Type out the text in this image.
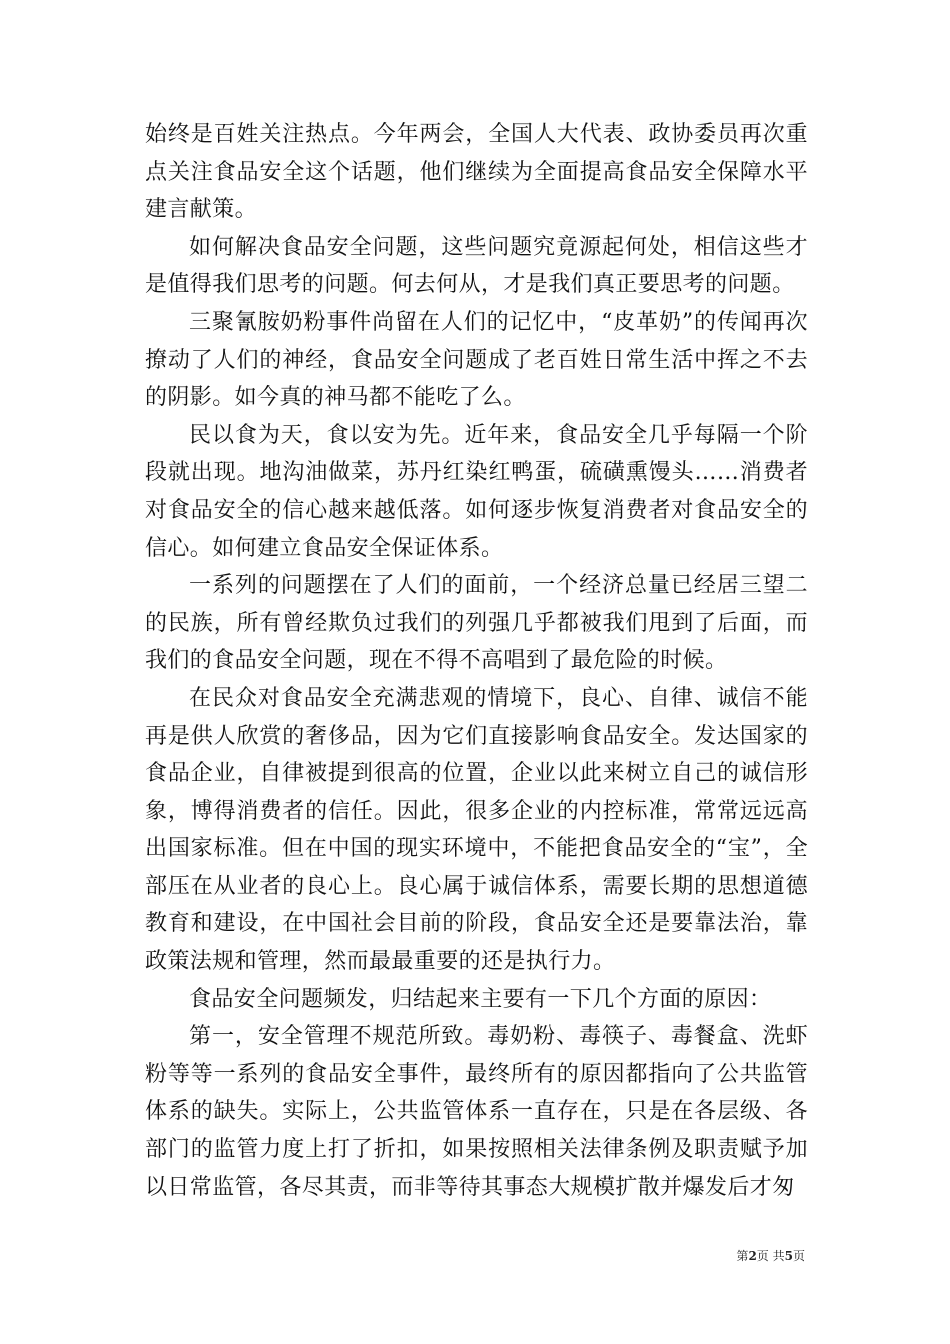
始终是百姓关注热点。今年两会，全国人大代表、政协委员再次重点关注食品安全这个话题，他们继续为全面提高食品安全保障水平建言献策。

如何解决食品安全问题，这些问题究竟源起何处，相信这些才是值得我们思考的问题。何去何从，才是我们真正要思考的问题。

三聚氰胺奶粉事件尚留在人们的记忆中，“皮革奶”的传闻再次撩动了人们的神经，食品安全问题成了老百姓日常生活中挥之不去的阴影。如今真的神马都不能吃了么。

民以食为天，食以安为先。近年来，食品安全几乎每隔一个阶段就出现。地沟油做菜，苏丹红染红鸭蛋，硫磺熏馒头……消费者对食品安全的信心越来越低落。如何逐步恢复消费者对食品安全的信心。如何建立食品安全保证体系。

一系列的问题摆在了人们的面前，一个经济总量已经居三望二的民族，所有曾经欺负过我们的列强几乎都被我们甩到了后面，而我们的食品安全问题，现在不得不高唱到了最危险的时候。

在民众对食品安全充满悲观的情境下，良心、自律、诚信不能再是供人欣赏的奢侈品，因为它们直接影响食品安全。发达国家的食品企业，自律被提到很高的位置，企业以此来树立自己的诚信形象，博得消费者的信任。因此，很多企业的内控标准，常常远远高出国家标准。但在中国的现实环境中，不能把食品安全的“宝”，全部压在从业者的良心上。良心属于诚信体系，需要长期的思想道德教育和建设，在中国社会目前的阶段，食品安全还是要靠法治，靠政策法规和管理，然而最最重要的还是执行力。

食品安全问题频发，归结起来主要有一下几个方面的原因：

第一，安全管理不规范所致。毒奶粉、毒筷子、毒餐盒、洗虾粉等等一系列的食品安全事件，最终所有的原因都指向了公共监管体系的缺失。实际上，公共监管体系一直存在，只是在各层级、各部门的监管力度上打了折扣，如果按照相关法律条例及职责赋予加以日常监管，各尽其责，而非等待其事态大规模扩散并爆发后才匆

第2页 共5页
